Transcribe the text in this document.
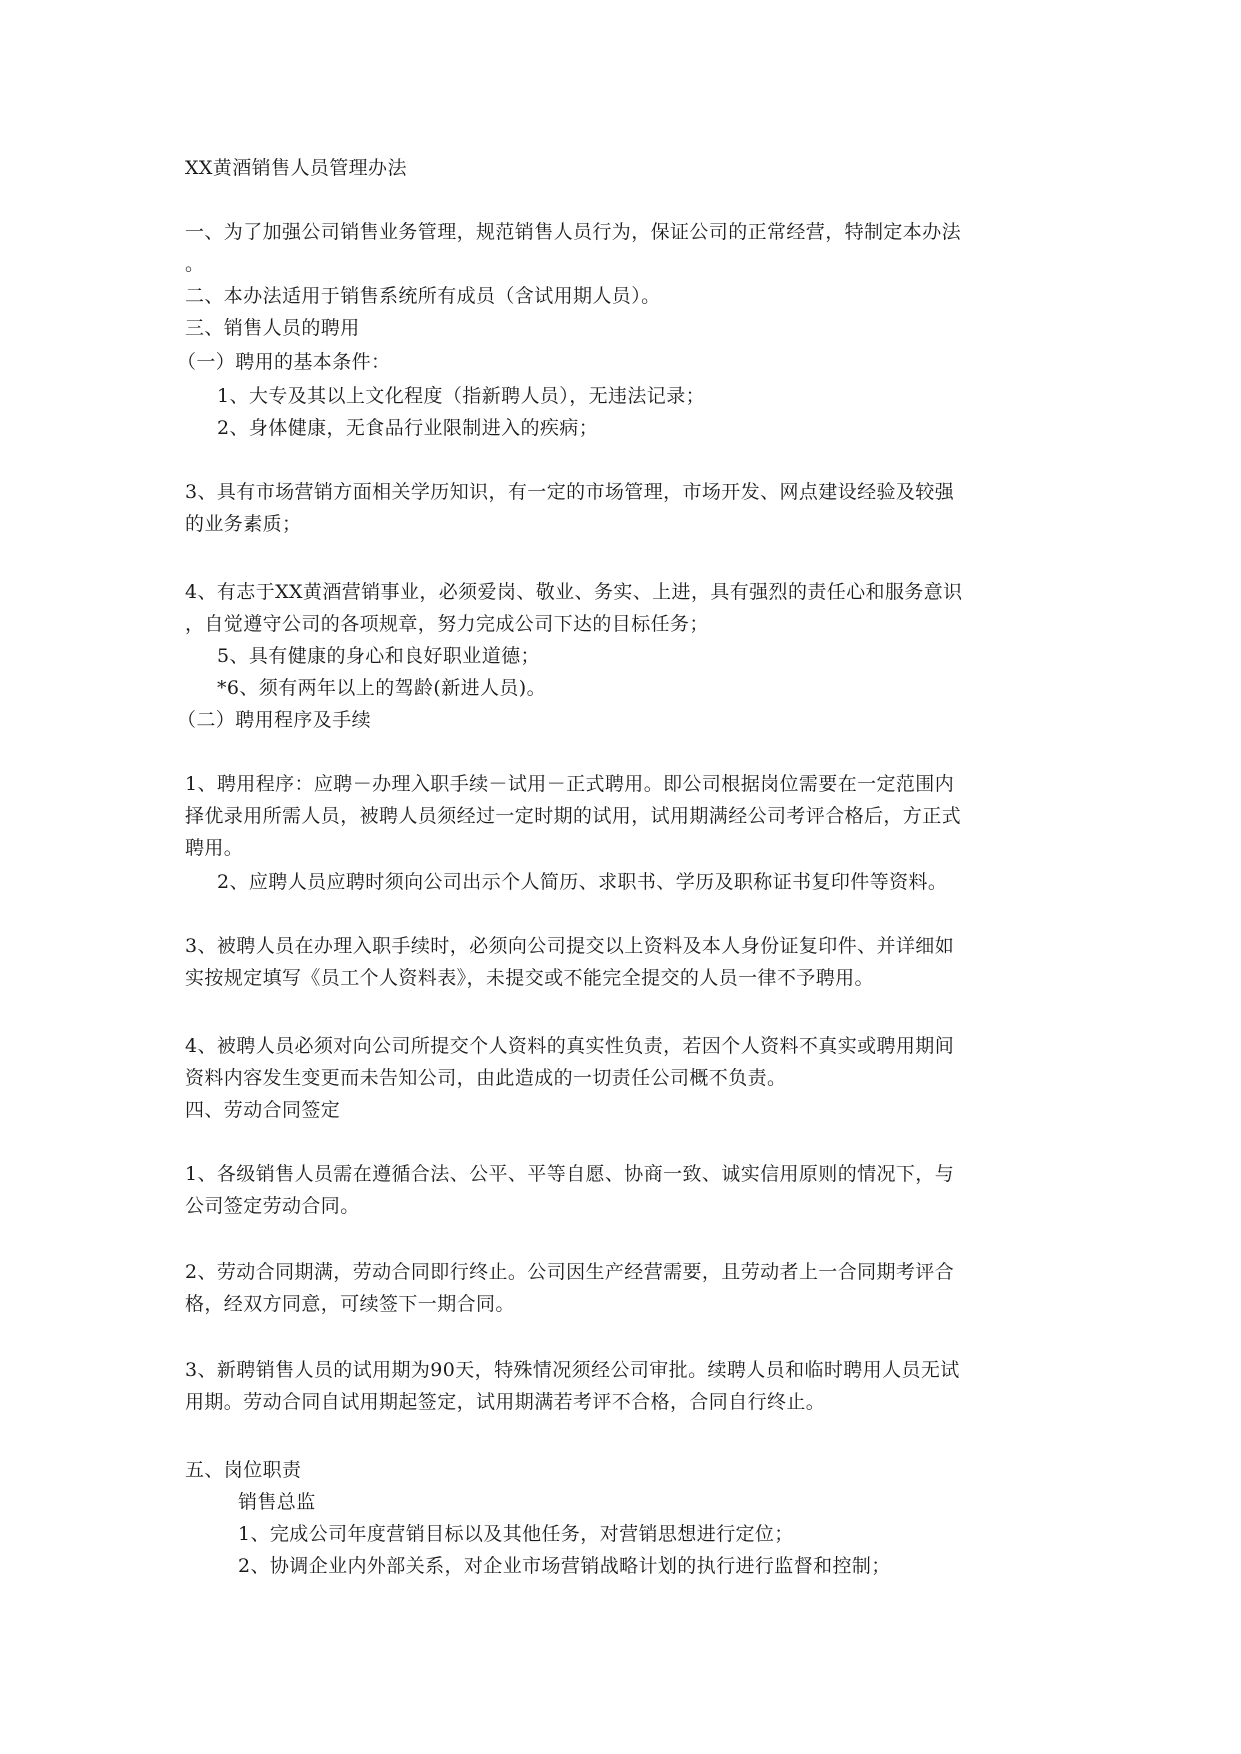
XX黄酒销售人员管理办法

一、为了加强公司销售业务管理，规范销售人员行为，保证公司的正常经营，特制定本办法

。

二、本办法适用于销售系统所有成员（含试用期人员）。

三、销售人员的聘用

（一）聘用的基本条件：

1、大专及其以上文化程度（指新聘人员），无违法记录；

2、身体健康，无食品行业限制进入的疾病；

3、具有市场营销方面相关学历知识，有一定的市场管理，市场开发、网点建设经验及较强

的业务素质；

4、有志于XX黄酒营销事业，必须爱岗、敬业、务实、上进，具有强烈的责任心和服务意识

，自觉遵守公司的各项规章，努力完成公司下达的目标任务；

5、具有健康的身心和良好职业道德；

*6、须有两年以上的驾龄(新进人员)。

（二）聘用程序及手续

1、聘用程序：应聘－办理入职手续－试用－正式聘用。即公司根据岗位需要在一定范围内

择优录用所需人员，被聘人员须经过一定时期的试用，试用期满经公司考评合格后，方正式

聘用。

2、应聘人员应聘时须向公司出示个人简历、求职书、学历及职称证书复印件等资料。

3、被聘人员在办理入职手续时，必须向公司提交以上资料及本人身份证复印件、并详细如

实按规定填写《员工个人资料表》，未提交或不能完全提交的人员一律不予聘用。

4、被聘人员必须对向公司所提交个人资料的真实性负责，若因个人资料不真实或聘用期间

资料内容发生变更而未告知公司，由此造成的一切责任公司概不负责。

四、劳动合同签定

1、各级销售人员需在遵循合法、公平、平等自愿、协商一致、诚实信用原则的情况下，与

公司签定劳动合同。

2、劳动合同期满，劳动合同即行终止。公司因生产经营需要，且劳动者上一合同期考评合

格，经双方同意，可续签下一期合同。

3、新聘销售人员的试用期为90天，特殊情况须经公司审批。续聘人员和临时聘用人员无试

用期。劳动合同自试用期起签定，试用期满若考评不合格，合同自行终止。

五、岗位职责

销售总监

1、完成公司年度营销目标以及其他任务，对营销思想进行定位；

2、协调企业内外部关系，对企业市场营销战略计划的执行进行监督和控制；
